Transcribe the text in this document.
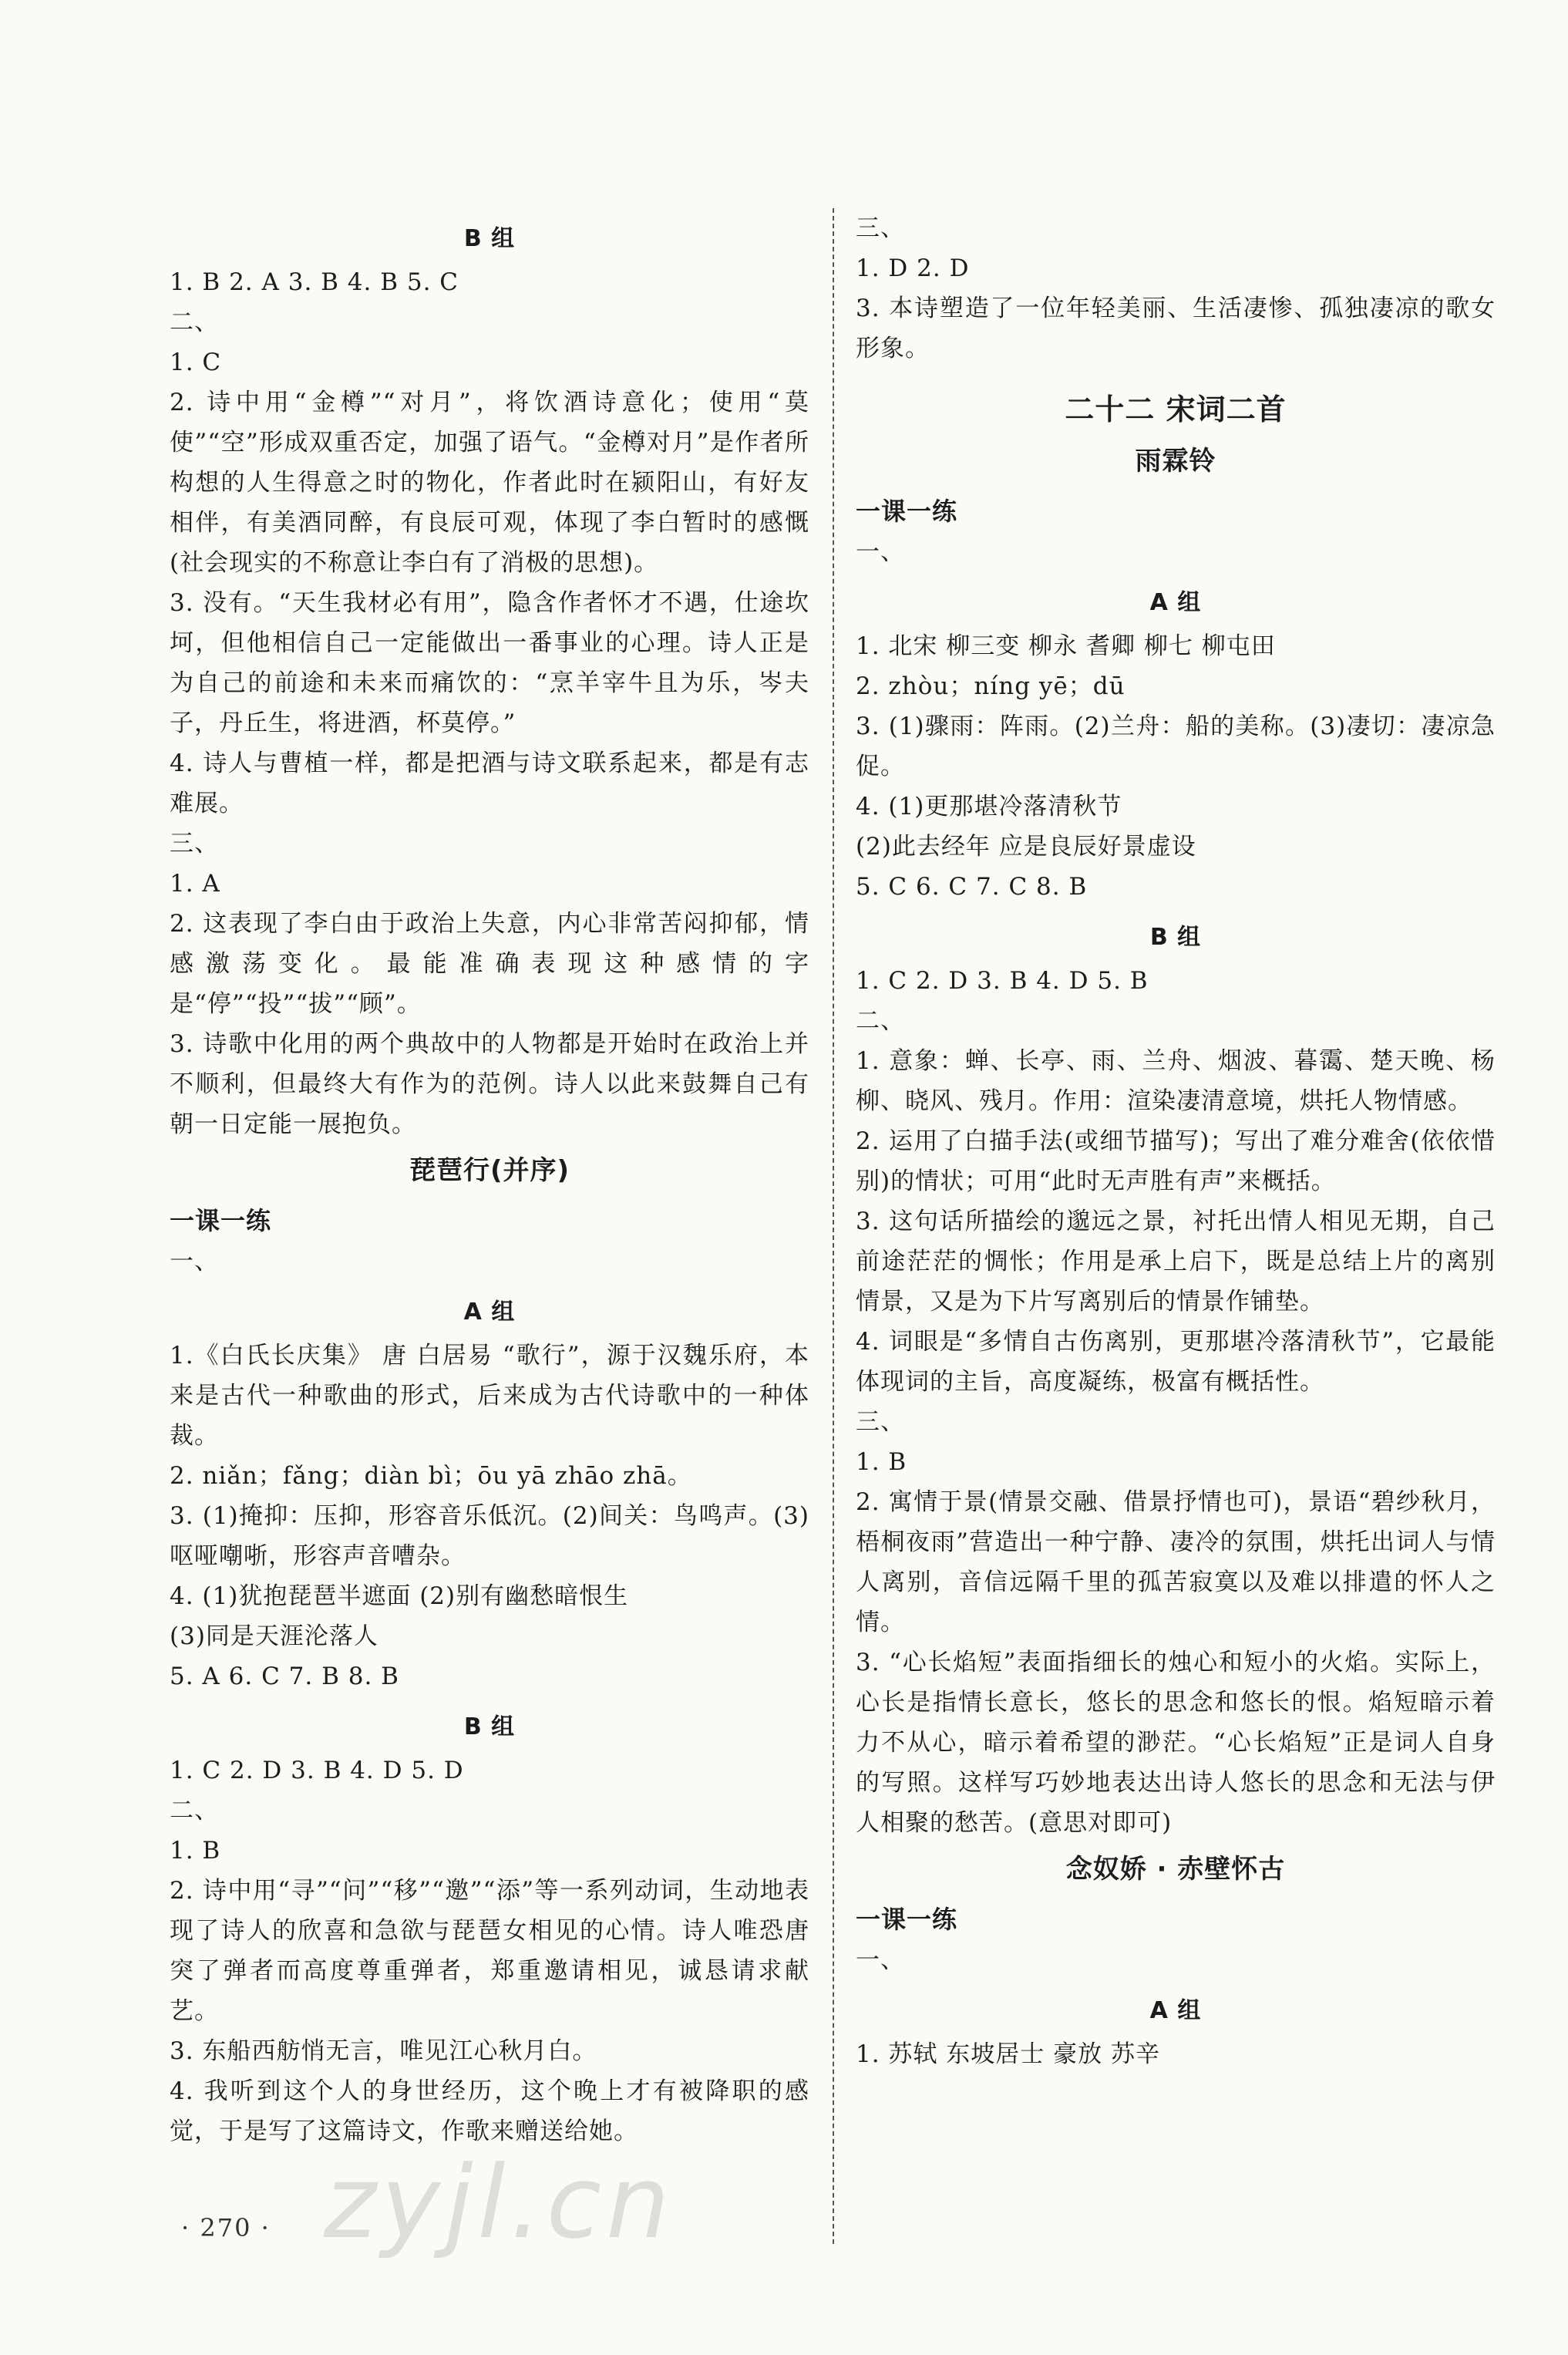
B 组
1. B 2. A 3. B 4. B 5. C
二、
1. C
2. 诗中用“金樽”“对月”，将饮酒诗意化；使用“莫使”“空”形成双重否定，加强了语气。“金樽对月”是作者所构想的人生得意之时的物化，作者此时在颍阳山，有好友相伴，有美酒同醉，有良辰可观，体现了李白暂时的感慨(社会现实的不称意让李白有了消极的思想)。
3. 没有。“天生我材必有用”，隐含作者怀才不遇，仕途坎坷，但他相信自己一定能做出一番事业的心理。诗人正是为自己的前途和未来而痛饮的：“烹羊宰牛且为乐，岑夫子，丹丘生，将进酒，杯莫停。”
4. 诗人与曹植一样，都是把酒与诗文联系起来，都是有志难展。
三、
1. A
2. 这表现了李白由于政治上失意，内心非常苦闷抑郁，情感激荡变化。最能准确表现这种感情的字是“停”“投”“拔”“顾”。
3. 诗歌中化用的两个典故中的人物都是开始时在政治上并不顺利，但最终大有作为的范例。诗人以此来鼓舞自己有朝一日定能一展抱负。
琵琶行(并序)
一课一练
一、
A 组
1.《白氏长庆集》 唐 白居易 “歌行”，源于汉魏乐府，本来是古代一种歌曲的形式，后来成为古代诗歌中的一种体裁。
2. niǎn；fǎng；diàn bì；ōu yā zhāo zhā。
3. (1)掩抑：压抑，形容音乐低沉。(2)间关：鸟鸣声。(3)呕哑嘲哳，形容声音嘈杂。
4. (1)犹抱琵琶半遮面 (2)别有幽愁暗恨生
(3)同是天涯沦落人
5. A 6. C 7. B 8. B
B 组
1. C 2. D 3. B 4. D 5. D
二、
1. B
2. 诗中用“寻”“问”“移”“邀”“添”等一系列动词，生动地表现了诗人的欣喜和急欲与琵琶女相见的心情。诗人唯恐唐突了弹者而高度尊重弹者，郑重邀请相见，诚恳请求献艺。
3. 东船西舫悄无言，唯见江心秋月白。
4. 我听到这个人的身世经历，这个晚上才有被降职的感觉，于是写了这篇诗文，作歌来赠送给她。
三、
1. D 2. D
3. 本诗塑造了一位年轻美丽、生活凄惨、孤独凄凉的歌女形象。
二十二 宋词二首
雨霖铃
一课一练
一、
A 组
1. 北宋 柳三变 柳永 耆卿 柳七 柳屯田
2. zhòu；níng yē；dū
3. (1)骤雨：阵雨。(2)兰舟：船的美称。(3)凄切：凄凉急促。
4. (1)更那堪冷落清秋节
(2)此去经年 应是良辰好景虚设
5. C 6. C 7. C 8. B
B 组
1. C 2. D 3. B 4. D 5. B
二、
1. 意象：蝉、长亭、雨、兰舟、烟波、暮霭、楚天晚、杨柳、晓风、残月。作用：渲染凄清意境，烘托人物情感。
2. 运用了白描手法(或细节描写)；写出了难分难舍(依依惜别)的情状；可用“此时无声胜有声”来概括。
3. 这句话所描绘的邈远之景，衬托出情人相见无期，自己前途茫茫的惆怅；作用是承上启下，既是总结上片的离别情景，又是为下片写离别后的情景作铺垫。
4. 词眼是“多情自古伤离别，更那堪冷落清秋节”，它最能体现词的主旨，高度凝练，极富有概括性。
三、
1. B
2. 寓情于景(情景交融、借景抒情也可)，景语“碧纱秋月，梧桐夜雨”营造出一种宁静、凄冷的氛围，烘托出词人与情人离别，音信远隔千里的孤苦寂寞以及难以排遣的怀人之情。
3. “心长焰短”表面指细长的烛心和短小的火焰。实际上，心长是指情长意长，悠长的思念和悠长的恨。焰短暗示着力不从心，暗示着希望的渺茫。“心长焰短”正是词人自身的写照。这样写巧妙地表达出诗人悠长的思念和无法与伊人相聚的愁苦。(意思对即可)
念奴娇 · 赤壁怀古
一课一练
一、
A 组
1. 苏轼 东坡居士 豪放 苏辛
zyjl.cn
· 270 ·
